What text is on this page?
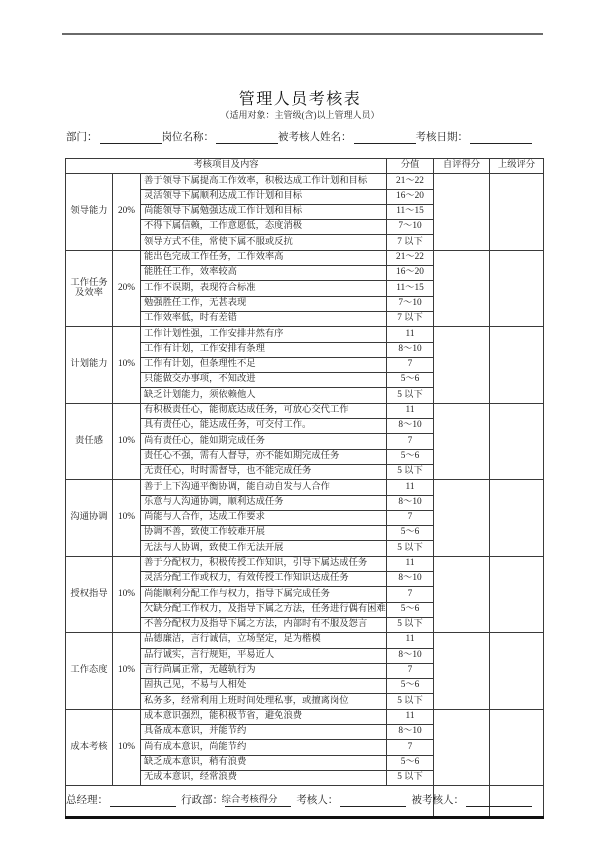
管理人员考核表
（适用对象：主管级(含)以上管理人员）
部门：	岗位名称：	被考核人姓名：	考核日期：
考核项目及内容			分值	自评得分	上级评分
领导能力	20%	善于领导下属提高工作效率，积极达成工作计划和目标	21～22		
		灵活领导下属顺利达成工作计划和目标	16～20		
		尚能领导下属勉强达成工作计划和目标	11～15		
		不得下属信赖，工作意愿低，态度消极	7～10		
		领导方式不佳，常使下属不服或反抗	7 以下		
工作任务及效率	20%	能出色完成工作任务，工作效率高	21～22		
		能胜任工作，效率较高	16～20		
		工作不误期，表现符合标准	11～15		
		勉强胜任工作，无甚表现	7～10		
		工作效率低，时有差错	7 以下		
计划能力	10%	工作计划性强，工作安排井然有序	11		
		工作有计划，工作安排有条理	8～10		
		工作有计划，但条理性不足	7		
		只能做交办事项，不知改进	5～6		
		缺乏计划能力，须依赖他人	5 以下		
责任感	10%	有积极责任心，能彻底达成任务，可放心交代工作	11		
		具有责任心，能达成任务，可交付工作。	8～10		
		尚有责任心，能如期完成任务	7		
		责任心不强，需有人督导，亦不能如期完成任务	5～6		
		无责任心，时时需督导，也不能完成任务	5 以下		
沟通协调	10%	善于上下沟通平衡协调，能自动自发与人合作	11		
		乐意与人沟通协调，顺利达成任务	8～10		
		尚能与人合作，达成工作要求	7		
		协调不善，致使工作较难开展	5～6		
		无法与人协调，致使工作无法开展	5 以下		
授权指导	10%	善于分配权力，积极传授工作知识，引导下属达成任务	11		
		灵活分配工作或权力，有效传授工作知识达成任务	8～10		
		尚能顺利分配工作与权力，指导下属完成任务	7		
		欠缺分配工作权力，及指导下属之方法，任务进行偶有困难	5～6		
		不善分配权力及指导下属之方法，内部时有不服及怨言	5 以下		
工作态度	10%	品德廉洁，言行诚信，立场坚定，足为楷模	11		
		品行诚实，言行规矩，平易近人	8～10		
		言行尚属正常，无越轨行为	7		
		固执己见，不易与人相处	5～6		
		私务多，经常利用上班时间处理私事，或擅离岗位	5 以下		
成本考核	10%	成本意识强烈，能积极节省，避免浪费	11		
		具备成本意识，并能节约	8～10		
		尚有成本意识，尚能节约	7		
		缺乏成本意识，稍有浪费	5～6		
		无成本意识，经常浪费	5 以下		
综合考核得分					
总经理：	行政部：	考核人：	被考核人：
